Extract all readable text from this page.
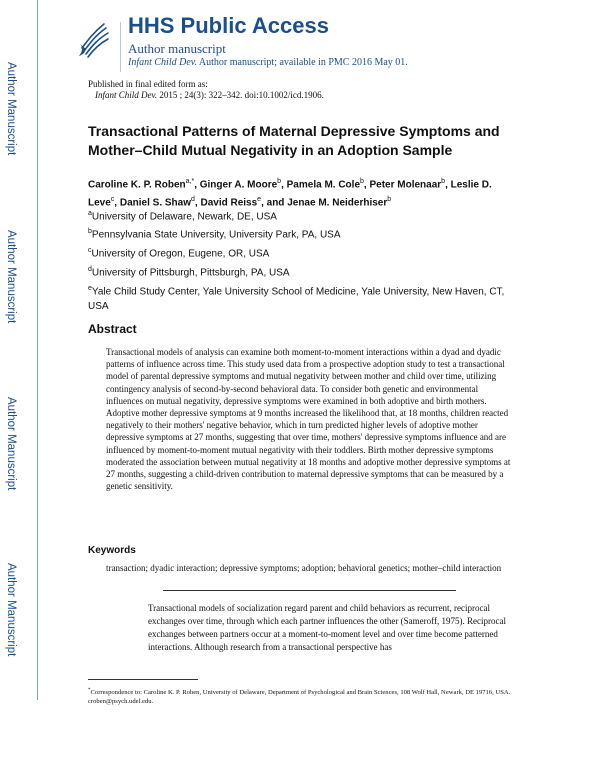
Author Manuscript
Author Manuscript
Author Manuscript
Author Manuscript
HHS Public Access
Author manuscript
Infant Child Dev. Author manuscript; available in PMC 2016 May 01.
Published in final edited form as:
Infant Child Dev. 2015 ; 24(3): 322–342. doi:10.1002/icd.1906.
Transactional Patterns of Maternal Depressive Symptoms and Mother–Child Mutual Negativity in an Adoption Sample
Caroline K. P. Roben$^{a,*}$, Ginger A. Moore$^b$, Pamela M. Cole$^b$, Peter Molenaar$^b$, Leslie D. Leve$^c$, Daniel S. Shaw$^d$, David Reiss$^e$, and Jenae M. Neiderhiser$^b$
$^a$University of Delaware, Newark, DE, USA
$^b$Pennsylvania State University, University Park, PA, USA
$^c$University of Oregon, Eugene, OR, USA
$^d$University of Pittsburgh, Pittsburgh, PA, USA
$^e$Yale Child Study Center, Yale University School of Medicine, Yale University, New Haven, CT, USA
Abstract

Transactional models of analysis can examine both moment-to-moment interactions within a dyad and dyadic patterns of influence across time. This study used data from a prospective adoption study to test a transactional model of parental depressive symptoms and mutual negativity between mother and child over time, utilizing contingency analysis of second-by-second behavioral data. To consider both genetic and environmental influences on mutual negativity, depressive symptoms were examined in both adoptive and birth mothers. Adoptive mother depressive symptoms at 9 months increased the likelihood that, at 18 months, children reacted negatively to their mothers' negative behavior, which in turn predicted higher levels of adoptive mother depressive symptoms at 27 months, suggesting that over time, mothers' depressive symptoms influence and are influenced by moment-to-moment mutual negativity with their toddlers. Birth mother depressive symptoms moderated the association between mutual negativity at 18 months and adoptive mother depressive symptoms at 27 months, suggesting a child-driven contribution to maternal depressive symptoms that can be measured by a genetic sensitivity.

Keywords

transaction; dyadic interaction; depressive symptoms; adoption; behavioral genetics; mother–child interaction

Transactional models of socialization regard parent and child behaviors as recurrent, reciprocal exchanges over time, through which each partner influences the other (Sameroff, 1975). Reciprocal exchanges between partners occur at a moment-to-moment level and over time become patterned interactions. Although research from a transactional perspective has

*Correspondence to: Caroline K. P. Roben, University of Delaware, Department of Psychological and Brain Sciences, 108 Wolf Hall, Newark, DE 19716, USA. croben@psych.udel.edu.
